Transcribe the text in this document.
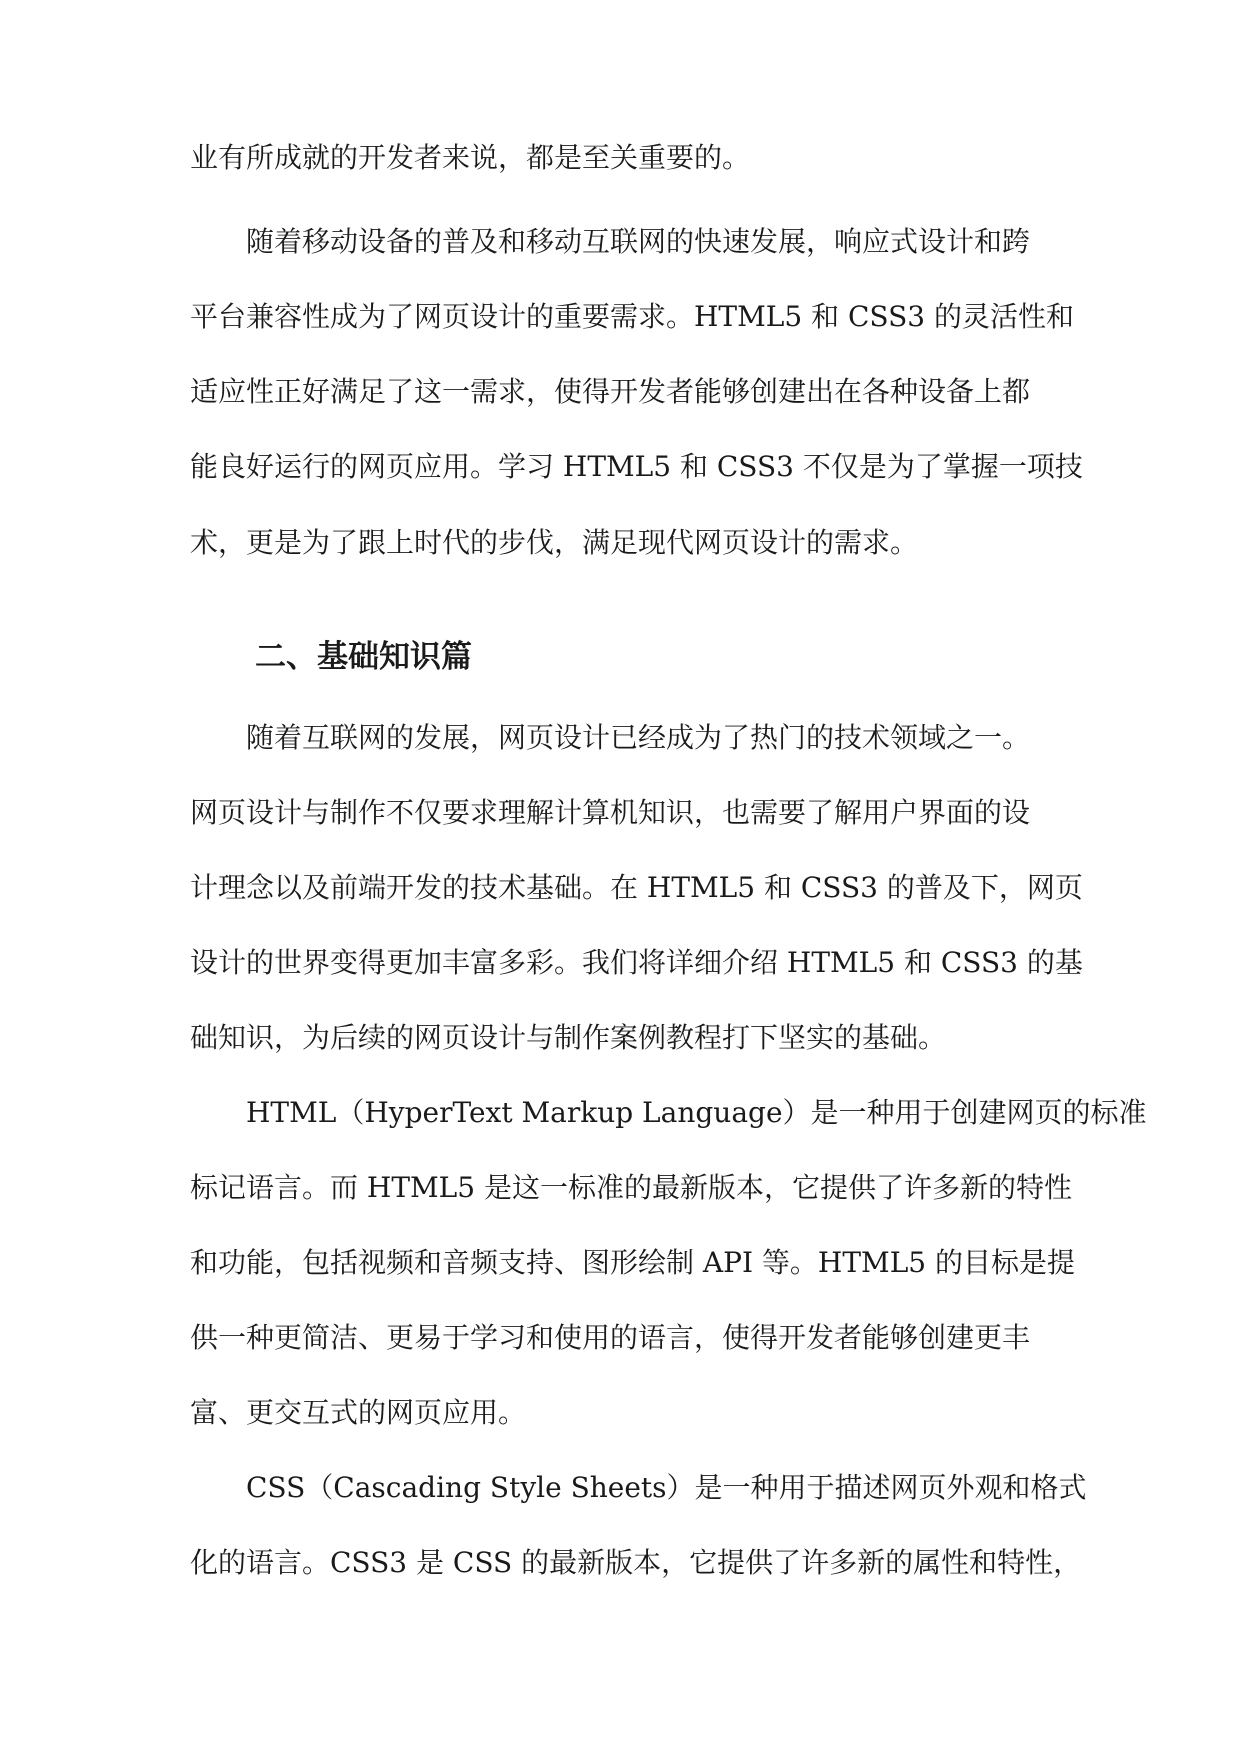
业有所成就的开发者来说，都是至关重要的。
随着移动设备的普及和移动互联网的快速发展，响应式设计和跨
平台兼容性成为了网页设计的重要需求。HTML5 和 CSS3 的灵活性和
适应性正好满足了这一需求，使得开发者能够创建出在各种设备上都
能良好运行的网页应用。学习 HTML5 和 CSS3 不仅是为了掌握一项技
术，更是为了跟上时代的步伐，满足现代网页设计的需求。
二、基础知识篇
随着互联网的发展，网页设计已经成为了热门的技术领域之一。
网页设计与制作不仅要求理解计算机知识，也需要了解用户界面的设
计理念以及前端开发的技术基础。在 HTML5 和 CSS3 的普及下，网页
设计的世界变得更加丰富多彩。我们将详细介绍 HTML5 和 CSS3 的基
础知识，为后续的网页设计与制作案例教程打下坚实的基础。
HTML（HyperText Markup Language）是一种用于创建网页的标准
标记语言。而 HTML5 是这一标准的最新版本，它提供了许多新的特性
和功能，包括视频和音频支持、图形绘制 API 等。HTML5 的目标是提
供一种更简洁、更易于学习和使用的语言，使得开发者能够创建更丰
富、更交互式的网页应用。
CSS（Cascading Style Sheets）是一种用于描述网页外观和格式
化的语言。CSS3 是 CSS 的最新版本，它提供了许多新的属性和特性，
